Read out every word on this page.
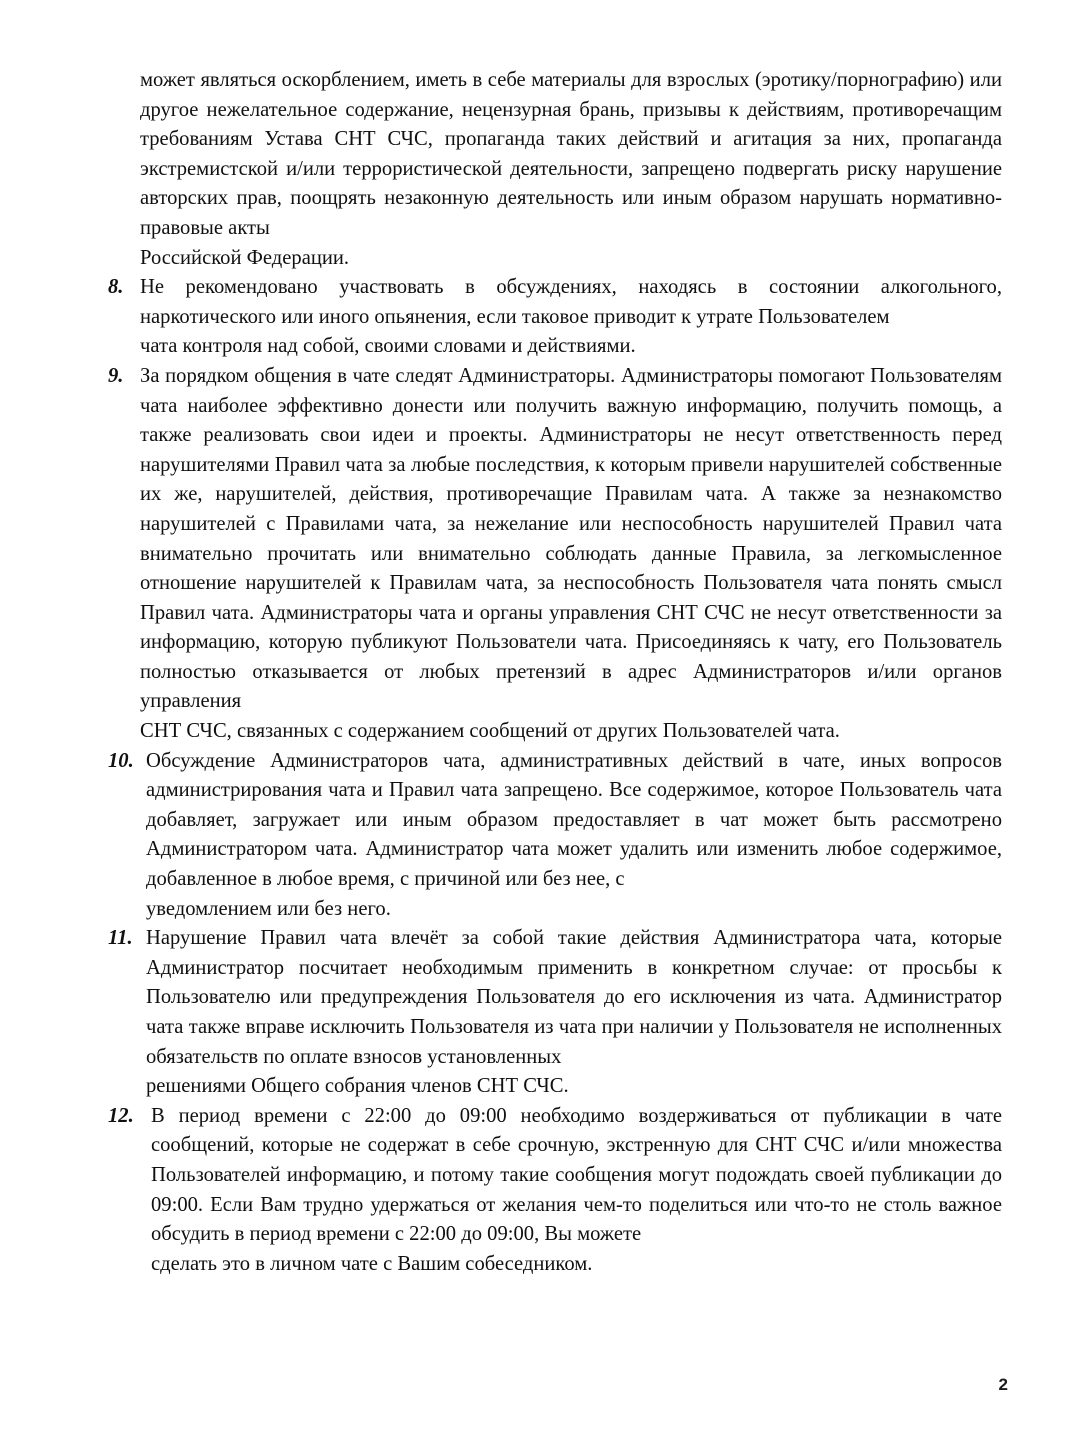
может являться оскорблением, иметь в себе материалы для взрослых (эротику/порнографию) или другое нежелательное содержание, нецензурная брань, призывы к действиям, противоречащим требованиям Устава СНТ СЧС, пропаганда таких действий и агитация за них, пропаганда экстремистской и/или террористической деятельности, запрещено подвергать риску нарушение авторских прав, поощрять незаконную деятельность или иным образом нарушать нормативно-правовые акты
Российской Федерации.

8. Не рекомендовано участвовать в обсуждениях, находясь в состоянии алкогольного, наркотического или иного опьянения, если таковое приводит к утрате Пользователем
чата контроля над собой, своими словами и действиями.
9. За порядком общения в чате следят Администраторы. Администраторы помогают Пользователям чата наиболее эффективно донести или получить важную информацию, получить помощь, а также реализовать свои идеи и проекты. Администраторы не несут ответственность перед нарушителями Правил чата за любые последствия, к которым привели нарушителей собственные их же, нарушителей, действия, противоречащие Правилам чата. А также за незнакомство нарушителей с Правилами чата, за нежелание или неспособность нарушителей Правил чата внимательно прочитать или внимательно соблюдать данные Правила, за легкомысленное отношение нарушителей к Правилам чата, за неспособность Пользователя чата понять смысл Правил чата. Администраторы чата и органы управления СНТ СЧС не несут ответственности за информацию, которую публикуют Пользователи чата. Присоединяясь к чату, его Пользователь полностью отказывается от любых претензий в адрес Администраторов и/или органов управления
СНТ СЧС, связанных с содержанием сообщений от других Пользователей чата.
10. Обсуждение Администраторов чата, административных действий в чате, иных вопросов администрирования чата и Правил чата запрещено. Все содержимое, которое Пользователь чата добавляет, загружает или иным образом предоставляет в чат может быть рассмотрено Администратором чата. Администратор чата может удалить или изменить любое содержимое, добавленное в любое время, с причиной или без нее, с
уведомлением или без него.
11. Нарушение Правил чата влечёт за собой такие действия Администратора чата, которые Администратор посчитает необходимым применить в конкретном случае: от просьбы к Пользователю или предупреждения Пользователя до его исключения из чата. Администратор чата также вправе исключить Пользователя из чата при наличии у Пользователя не исполненных обязательств по оплате взносов установленных
решениями Общего собрания членов СНТ СЧС.
12. В период времени с 22:00 до 09:00 необходимо воздерживаться от публикации в чате сообщений, которые не содержат в себе срочную, экстренную для СНТ СЧС и/или множества Пользователей информацию, и потому такие сообщения могут подождать своей публикации до 09:00. Если Вам трудно удержаться от желания чем-то поделиться или что-то не столь важное обсудить в период времени с 22:00 до 09:00, Вы можете
сделать это в личном чате с Вашим собеседником.
2
